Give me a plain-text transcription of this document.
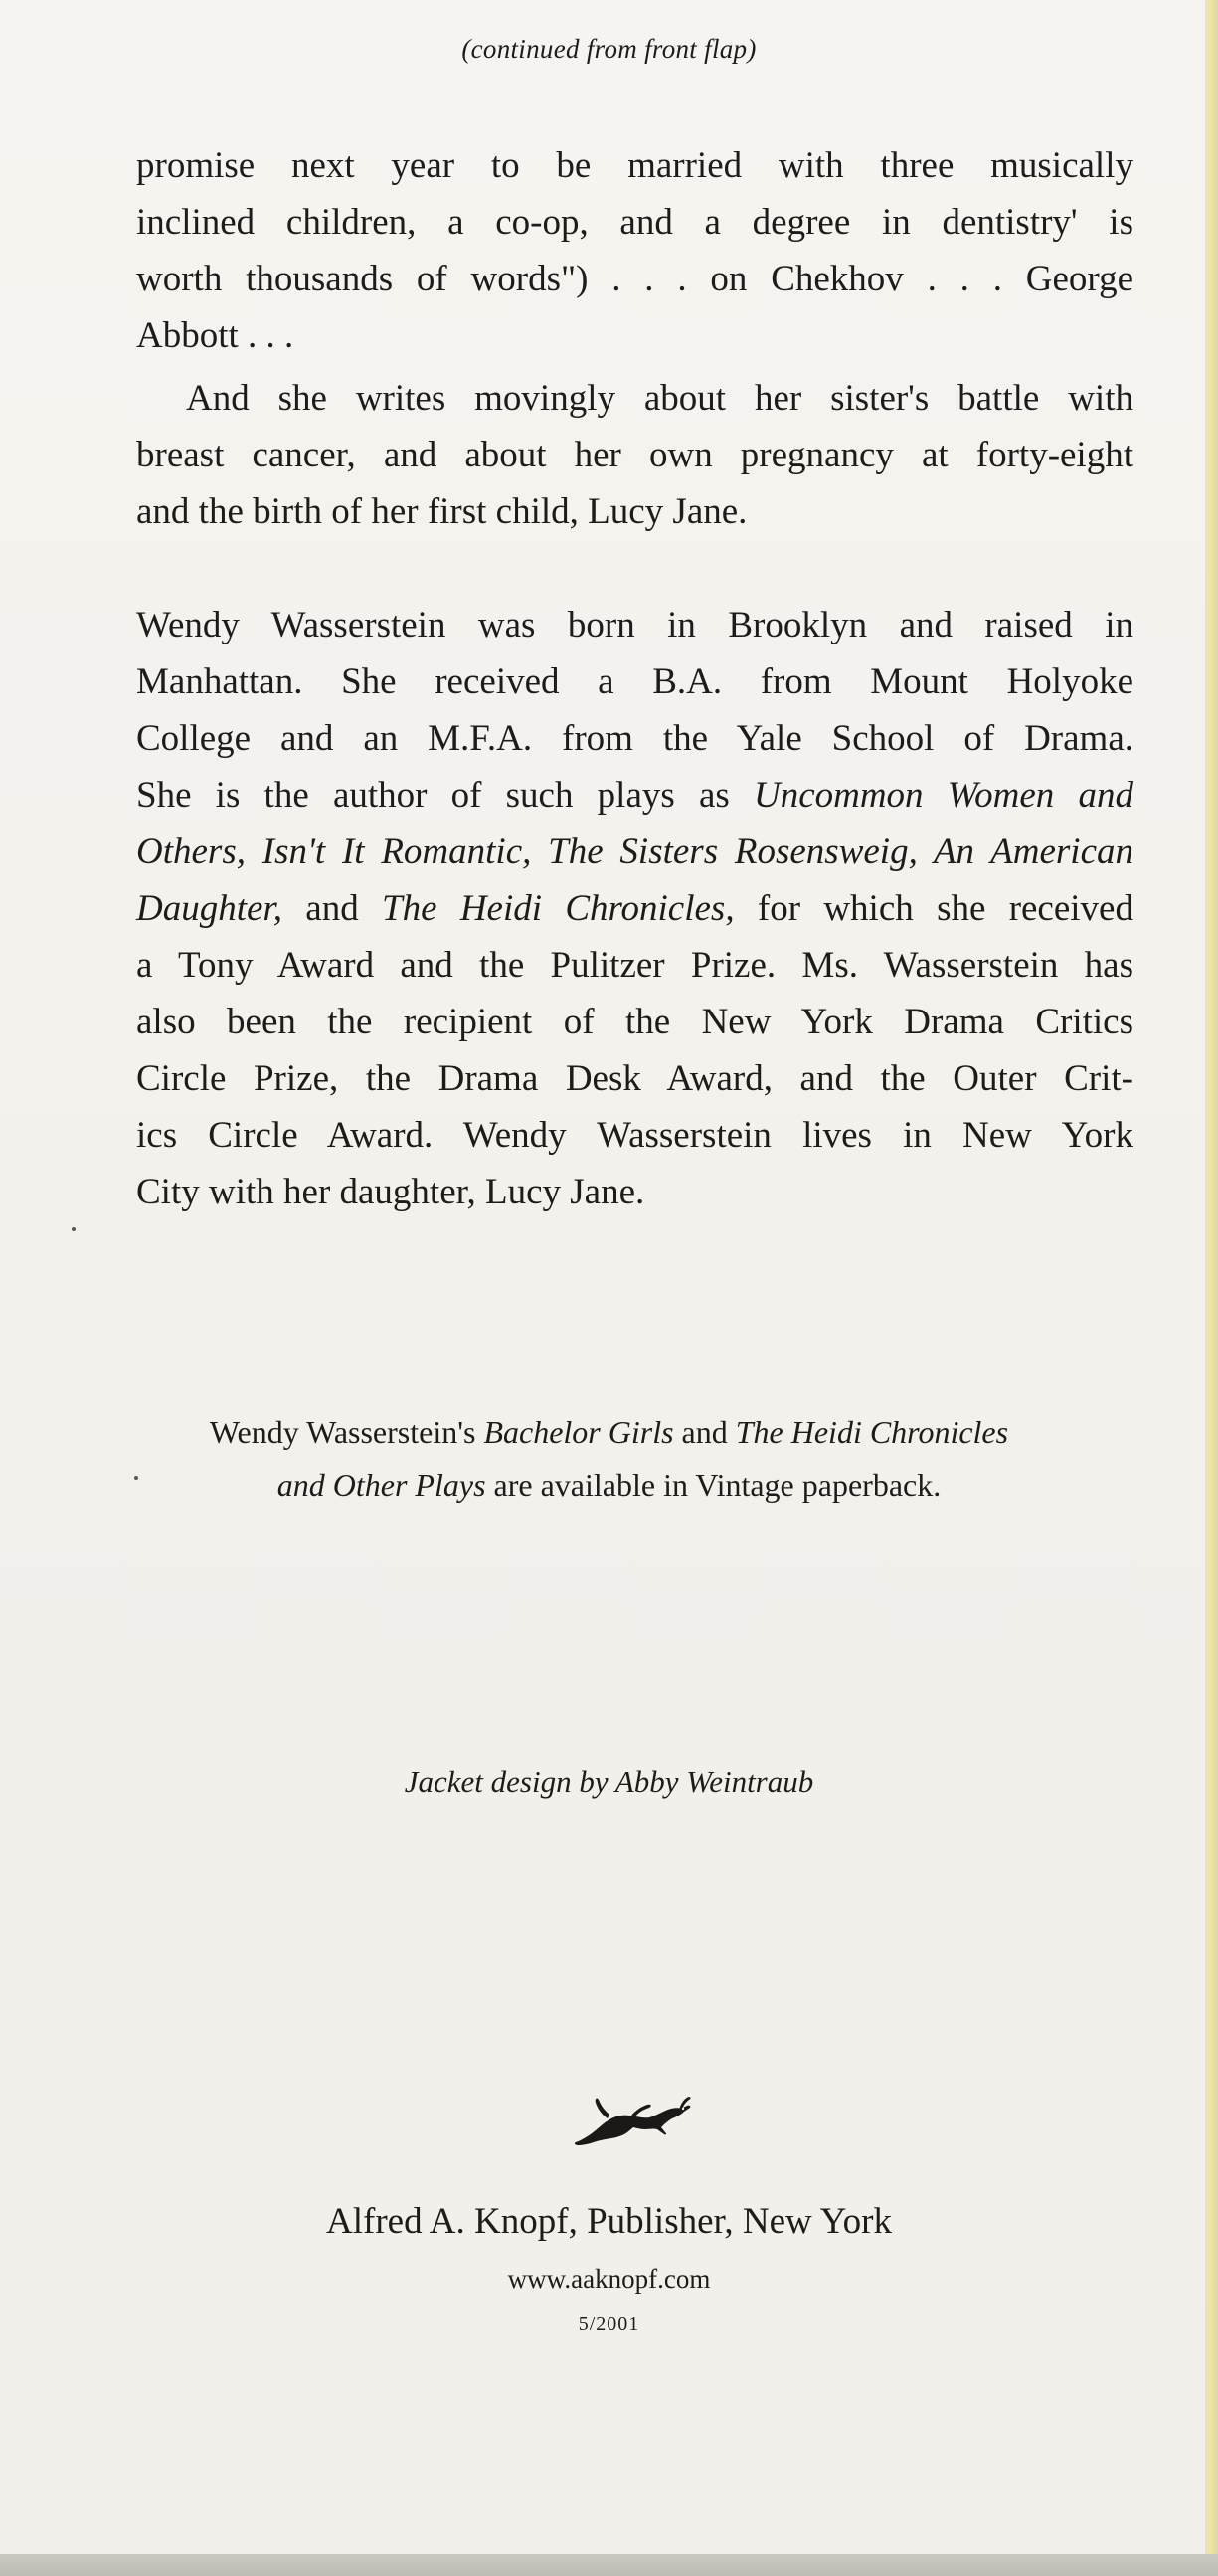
(continued from front flap)

promise next year to be married with three musically
inclined children, a co-op, and a degree in dentistry' is
worth thousands of words") . . . on Chekhov . . . George
Abbott . . .

And she writes movingly about her sister's battle with
breast cancer, and about her own pregnancy at forty-eight
and the birth of her first child, Lucy Jane.

Wendy Wasserstein was born in Brooklyn and raised in
Manhattan. She received a B.A. from Mount Holyoke
College and an M.F.A. from the Yale School of Drama.
She is the author of such plays as Uncommon Women and
Others, Isn't It Romantic, The Sisters Rosensweig, An American
Daughter, and The Heidi Chronicles, for which she received
a Tony Award and the Pulitzer Prize. Ms. Wasserstein has
also been the recipient of the New York Drama Critics
Circle Prize, the Drama Desk Award, and the Outer Crit-
ics Circle Award. Wendy Wasserstein lives in New York
City with her daughter, Lucy Jane.

Wendy Wasserstein's Bachelor Girls and The Heidi Chronicles
and Other Plays are available in Vintage paperback.
Jacket design by Abby Weintraub
Alfred A. Knopf, Publisher, New York
www.aaknopf.com
5/2001
